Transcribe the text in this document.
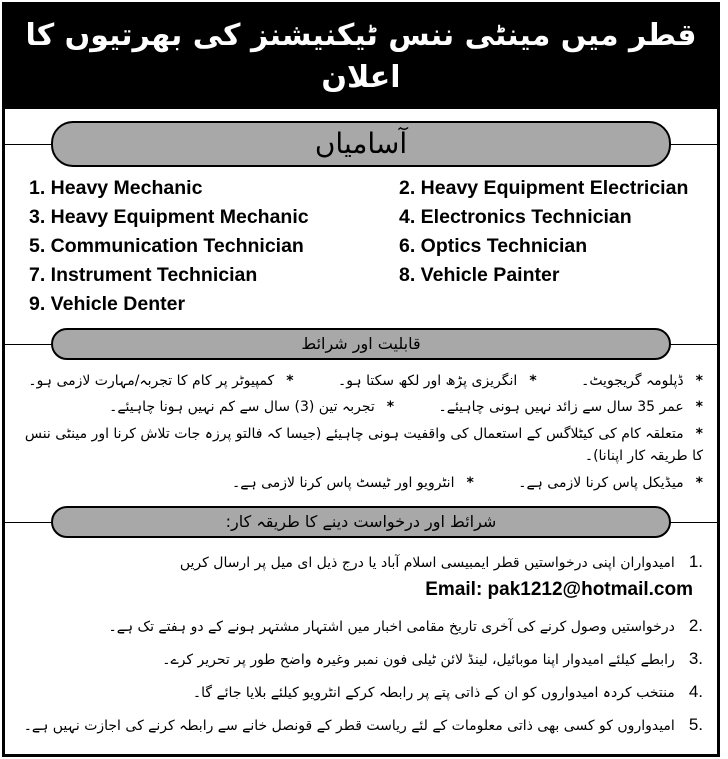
قطر میں مینٹی ننس ٹیکنیشنز کی بھرتیوں کا اعلان
آسامیاں
1. Heavy Mechanic	2. Heavy Equipment Electrician
3. Heavy Equipment Mechanic	4. Electronics Technician
5. Communication Technician	6. Optics Technician
7. Instrument Technician	8. Vehicle Painter
9. Vehicle Denter
قابلیت اور شرائط
*ڈپلومہ گریجویٹ۔ *انگریزی پڑھ اور لکھ سکتا ہو۔ *کمپیوٹر پر کام کا تجربہ/مہارت لازمی ہو۔
*عمر 35 سال سے زائد نہیں ہونی چاہیئے۔ *تجربہ تین (3) سال سے کم نہیں ہونا چاہیئے۔
*متعلقہ کام کی کیٹلاگس کے استعمال کی واقفیت ہونی چاہیئے (جیسا کہ فالتو پرزہ جات تلاش کرنا اور مینٹی ننس کا طریقہ کار اپنانا)۔
*میڈیکل پاس کرنا لازمی ہے۔ *انٹرویو اور ٹیسٹ پاس کرنا لازمی ہے۔
شرائط اور درخواست دینے کا طریقہ کار:
1.امیدواران اپنی درخواستیں قطر ایمبیسی اسلام آباد یا درج ذیل ای میل پر ارسال کریںEmail: pak1212@hotmail.com
2.درخواستیں وصول کرنے کی آخری تاریخ مقامی اخبار میں اشتہار مشتہر ہونے کے دو ہفتے تک ہے۔
3.رابطے کیلئے امیدوار اپنا موبائیل، لینڈ لائن ٹیلی فون نمبر وغیرہ واضح طور پر تحریر کرے۔
4.منتخب کردہ امیدواروں کو ان کے ذاتی پتے پر رابطہ کرکے انٹرویو کیلئے بلایا جائے گا۔
5.امیدواروں کو کسی بھی ذاتی معلومات کے لئے ریاست قطر کے قونصل خانے سے رابطہ کرنے کی اجازت نہیں ہے۔
